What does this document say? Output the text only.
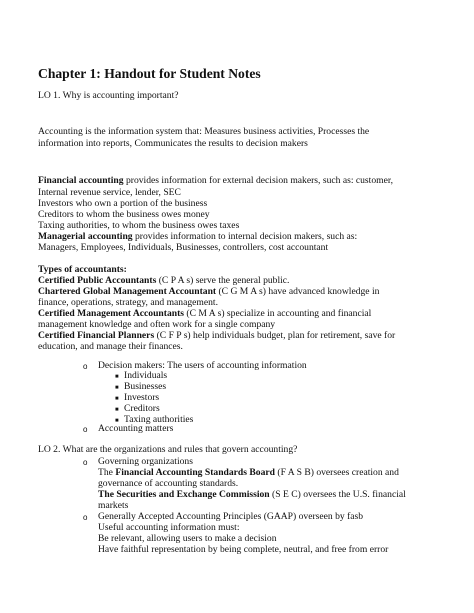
Chapter 1: Handout for Student Notes
LO 1. Why is accounting important?
Accounting is the information system that: Measures business activities, Processes the
information into reports, Communicates the results to decision makers
Financial accounting provides information for external decision makers, such as: customer,
Internal revenue service, lender, SEC
Investors who own a portion of the business
Creditors to whom the business owes money
Taxing authorities, to whom the business owes taxes
Managerial accounting provides information to internal decision makers, such as:
Managers, Employees, Individuals, Businesses, controllers, cost accountant
Types of accountants:
Certified Public Accountants (C P A s) serve the general public.
Chartered Global Management Accountant (C G M A s) have advanced knowledge in
finance, operations, strategy, and management.
Certified Management Accountants (C M A s) specialize in accounting and financial
management knowledge and often work for a single company
Certified Financial Planners (C F P s) help individuals budget, plan for retirement, save for
education, and manage their finances.
o Decision makers: The users of accounting information
■ Individuals
■ Businesses
■ Investors
■ Creditors
■ Taxing authorities
o Accounting matters
LO 2. What are the organizations and rules that govern accounting?
o Governing organizations
The Financial Accounting Standards Board (F A S B) oversees creation and
governance of accounting standards.
The Securities and Exchange Commission (S E C) oversees the U.S. financial
markets
o Generally Accepted Accounting Principles (GAAP) overseen by fasb
Useful accounting information must:
Be relevant, allowing users to make a decision
Have faithful representation by being complete, neutral, and free from error
